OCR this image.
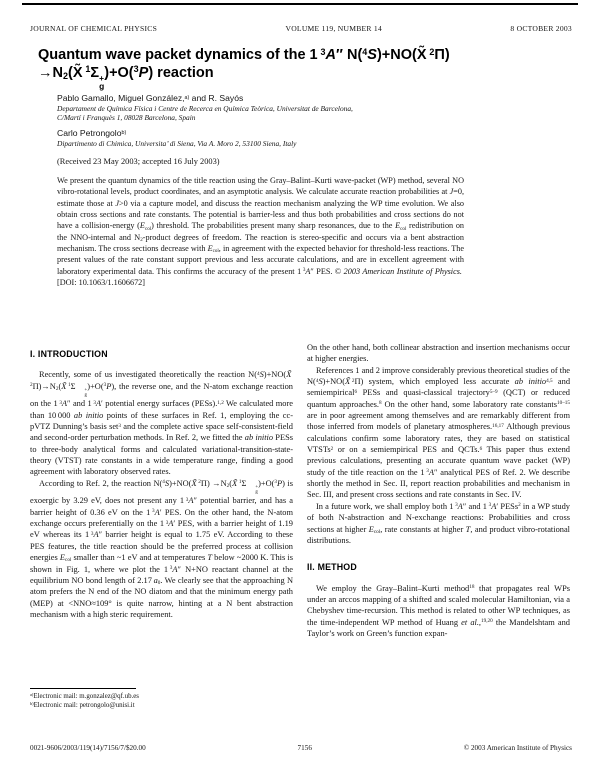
JOURNAL OF CHEMICAL PHYSICS	VOLUME 119, NUMBER 14	8 OCTOBER 2003
Quantum wave packet dynamics of the 1 $^3$A″ N($^4$S)+NO(X̃ $^2$Π)
$\to N_2(X̃$ $^1$Σ +
g
)+O($^3$P) reaction
Pablo Gamallo, Miguel González,$^{a)}$ and R. Sayós
Departament de Química Física i Centre de Recerca en Química Teòrica, Universitat de Barcelona,
C/Martí i Franquès 1, 08028 Barcelona, Spain
Carlo Petrongolo$^{b)}$
Dipartimento di Chimica, Universita’ di Siena, Via A. Moro 2, 53100 Siena, Italy
(Received 23 May 2003; accepted 16 July 2003)
We present the quantum dynamics of the title reaction using the Gray–Balint–Kurti wave-packet (WP) method, several NO vibro-rotational levels, product coordinates, and an asymptotic analysis. We calculate accurate reaction probabilities at J=0, estimate those at J>0 via a capture model, and discuss the reaction mechanism analyzing the WP time evolution. We also obtain cross sections and rate constants. The potential is barrier-less and thus both probabilities and cross sections do not have a collision-energy $(E_{col})$ threshold. The probabilities present many sharp resonances, due to the $E_{col}$ redistribution on the NNO-internal and $N_2$-product degrees of freedom. The reaction is stereo-specific and occurs via a bent abstraction mechanism. The cross sections decrease with $E_{col}$, in agreement with the expected behavior for threshold-less reactions. The present values of the rate constant support previous and less accurate calculations, and are in excellent agreement with laboratory experimental data. This confirms the accuracy of the present 1 $^3$A″ PES. © 2003 American Institute of Physics.  [DOI: 10.1063/1.1606672]
I. INTRODUCTION

Recently, some of us investigated theoretically the reaction N($^4$S)+NO(X̃ $^2\Pi)\to N_2(X̃$  $^1$Σ	+
g
)+O($^3$P), the reverse one, and the N-atom exchange reaction on the 1 $^3$A″ and 1 $^3$A′ potential energy surfaces (PESs).$^{1,2}$ We calculated more than 10 000 ab initio points of these surfaces in Ref. 1, employing the cc-pVTZ Dunning’s basis set$^3$ and the complete active space self-consistent-field and second-order perturbation methods. In Ref. 2, we fitted the ab initio PESs to three-body analytical forms and calculated variational-transition-state-theory (VTST) rate constants in a wide temperature range, finding a good agreement with laboratory observed rates.

According to Ref. 2, the reaction N($^4$S)+NO(X̃  $^2\Pi) \to N_2(X̃$  $^1$Σ	+
g
)+O($^3$P) is exoergic by 3.29 eV, does not present any 1 $^3$A″ potential barrier, and has a barrier height of 0.36 eV on the 1 $^3$A′ PES. On the other hand, the N-atom exchange occurs preferentially on the 1 $^3$A′ PES, with a barrier height of 1.19 eV whereas its 1 $^3$A″ barrier height is equal to 1.75 eV. According to these PES features, the title reaction should be the preferred process at collision energies $E_{col}$ smaller than ~1 eV and at temperatures T below ~2000 K. This is shown in Fig. 1, where we plot the 1 $^3$A″ N+NO reactant channel at the equilibrium NO bond length of 2.17 $a_0$. We clearly see that the approaching N atom prefers the N end of the NO diatom and that the minimum energy path (MEP) at <NNO≈109° is quite narrow, hinting at a N bent abstraction mechanism with a high steric requirement.

On the other hand, both collinear abstraction and insertion mechanisms occur at higher energies.

References 1 and 2 improve considerably previous theoretical studies of the N($^4$S)+NO(X̃  $^2$Π) system, which employed less accurate ab initio$^{4,5}$ and semiempirical$^6$ PESs and quasi-classical trajectory$^{5-9}$ (QCT) or reduced quantum approaches.$^8$ On the other hand, some laboratory rate constants$^{10-15}$ are in poor agreement among themselves and are remarkably different from those inferred from models of planetary atmospheres.$^{16,17}$ Although previous calculations confirm some laboratory rates, they are based on statistical VTSTs$^2$ or on a semiempirical PES and QCTs.$^6$ This paper thus extend previous calculations, presenting an accurate quantum wave packet (WP) study of the title reaction on the 1 $^3$A″ analytical PES of Ref. 2. We describe shortly the method in Sec. II, report reaction probabilities and mechanism in Sec. III, and present cross sections and rate constants in Sec. IV.

In a future work, we shall employ both 1 $^3$A″ and 1 $^3$A′ PESs$^2$ in a WP study of both N-abstraction and N-exchange reactions: Probabilities and cross sections at higher $E_{col}$, rate constants at higher T, and product vibro-rotational distributions.

II. METHOD

We employ the Gray–Balint–Kurti method$^{18}$ that propagates real WPs under an arccos mapping of a shifted and scaled molecular Hamiltonian, via a Chebyshev time-recursion. This method is related to other WP techniques, as the time-independent WP method of Huang et al.,$^{19,20}$ the Mandelshtam and Taylor’s work on Green’s function expan-

$^{a)}$Electronic mail: m.gonzalez@qf.ub.es
$^{b)}$Electronic mail: petrongolo@unisi.it
0021-9606/2003/119(14)/7156/7/$20.00	7156	© 2003 American Institute of Physics
